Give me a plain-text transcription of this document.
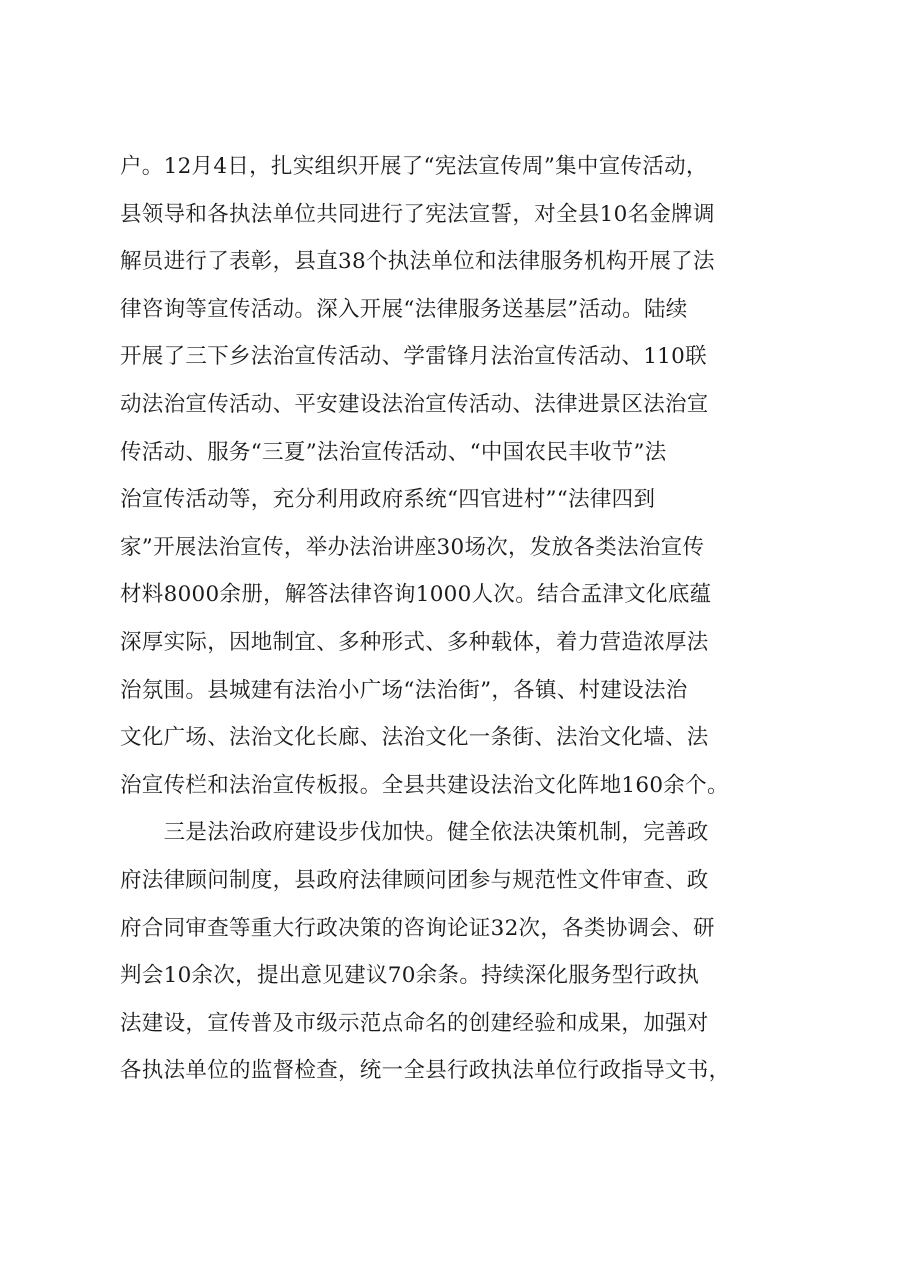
户。12月4日，扎实组织开展了“宪法宣传周”集中宣传活动，
县领导和各执法单位共同进行了宪法宣誓，对全县10名金牌调
解员进行了表彰，县直38个执法单位和法律服务机构开展了法
律咨询等宣传活动。深入开展“法律服务送基层”活动。陆续
开展了三下乡法治宣传活动、学雷锋月法治宣传活动、110联
动法治宣传活动、平安建设法治宣传活动、法律进景区法治宣
传活动、服务“三夏”法治宣传活动、“中国农民丰收节”法
治宣传活动等，充分利用政府系统“四官进村”“法律四到
家”开展法治宣传，举办法治讲座30场次，发放各类法治宣传
材料8000余册，解答法律咨询1000人次。结合孟津文化底蕴
深厚实际，因地制宜、多种形式、多种载体，着力营造浓厚法
治氛围。县城建有法治小广场“法治街”，各镇、村建设法治
文化广场、法治文化长廊、法治文化一条街、法治文化墙、法
治宣传栏和法治宣传板报。全县共建设法治文化阵地160余个。
　　三是法治政府建设步伐加快。健全依法决策机制，完善政
府法律顾问制度，县政府法律顾问团参与规范性文件审查、政
府合同审查等重大行政决策的咨询论证32次，各类协调会、研
判会10余次，提出意见建议70余条。持续深化服务型行政执
法建设，宣传普及市级示范点命名的创建经验和成果，加强对
各执法单位的监督检查，统一全县行政执法单位行政指导文书，
